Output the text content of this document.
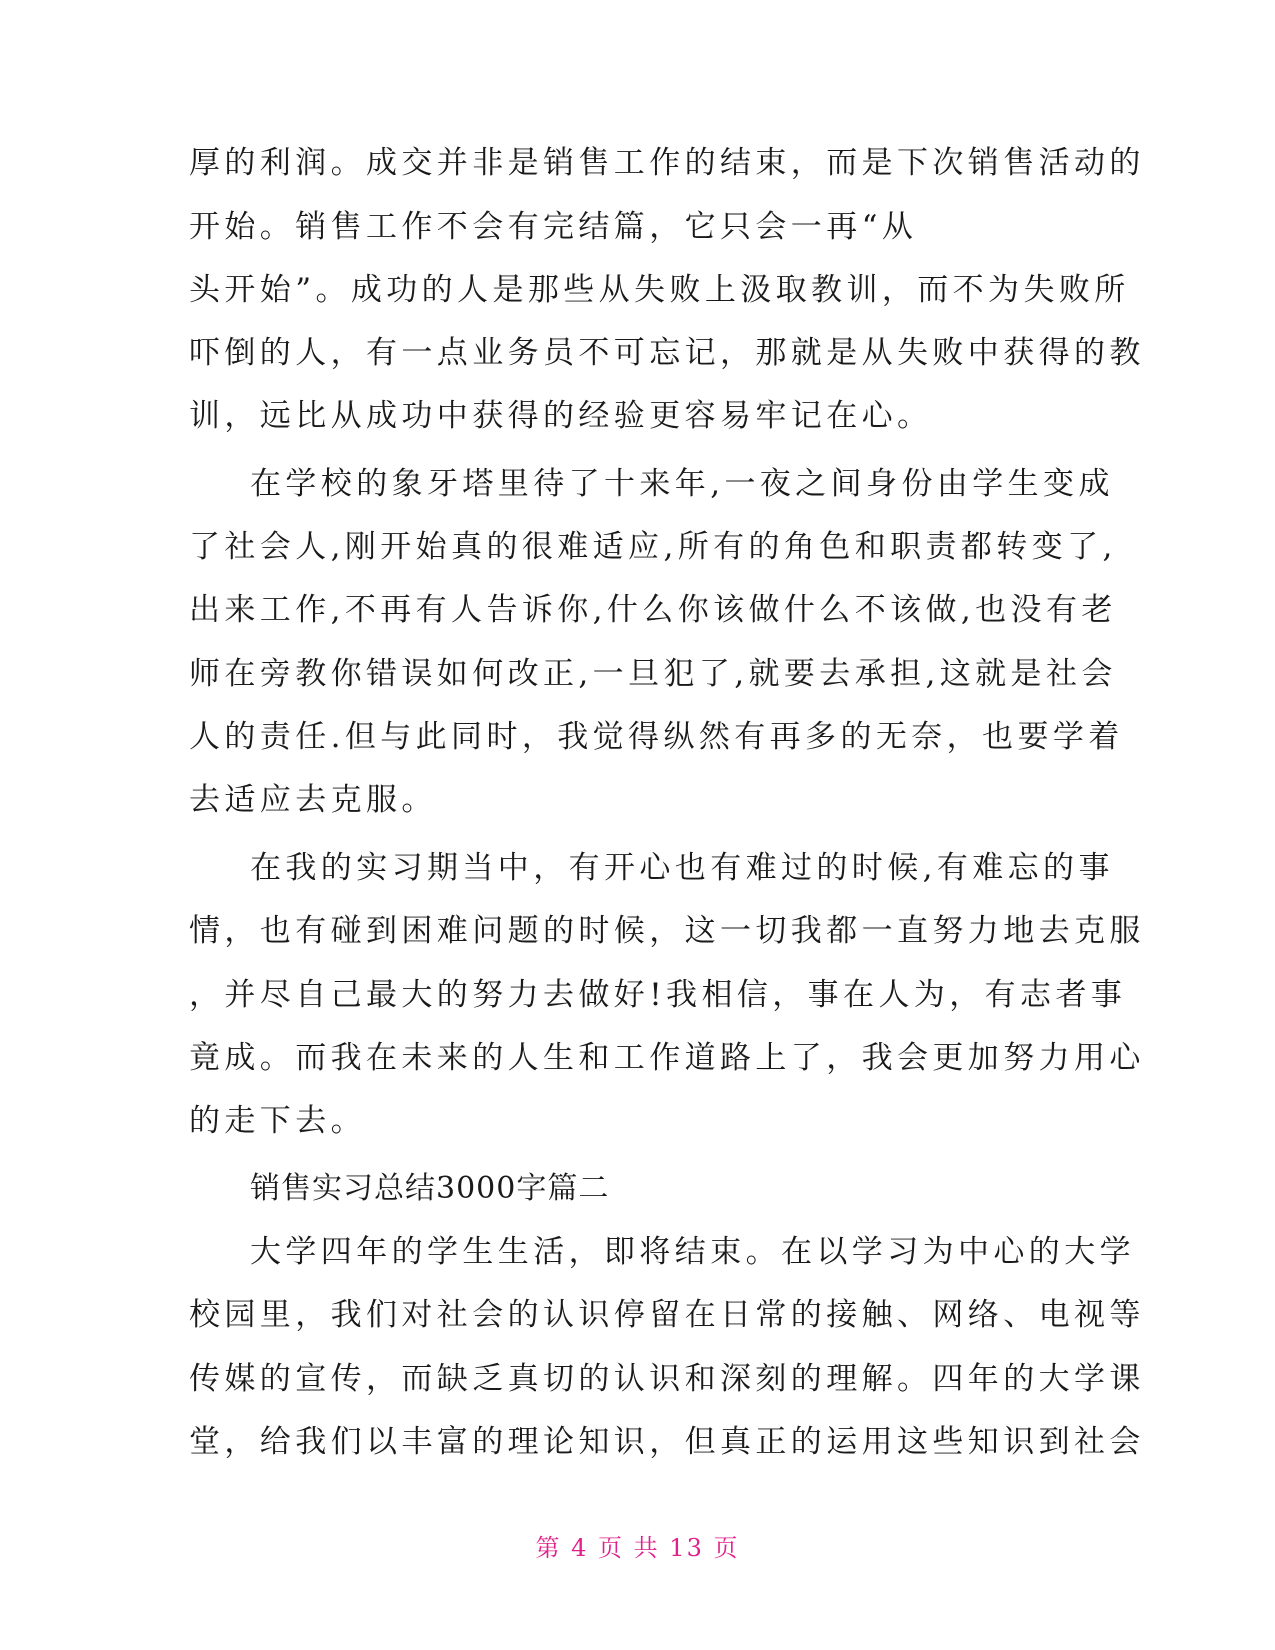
厚的利润。成交并非是销售工作的结束，而是下次销售活动的
开始。销售工作不会有完结篇，它只会一再“从
头开始”。成功的人是那些从失败上汲取教训，而不为失败所
吓倒的人，有一点业务员不可忘记，那就是从失败中获得的教
训，远比从成功中获得的经验更容易牢记在心。
在学校的象牙塔里待了十来年,一夜之间身份由学生变成
了社会人,刚开始真的很难适应,所有的角色和职责都转变了,
出来工作,不再有人告诉你,什么你该做什么不该做,也没有老
师在旁教你错误如何改正,一旦犯了,就要去承担,这就是社会
人的责任.但与此同时，我觉得纵然有再多的无奈，也要学着
去适应去克服。
在我的实习期当中，有开心也有难过的时候,有难忘的事
情，也有碰到困难问题的时候，这一切我都一直努力地去克服
，并尽自己最大的努力去做好!我相信，事在人为，有志者事
竟成。而我在未来的人生和工作道路上了，我会更加努力用心
的走下去。
销售实习总结3000字篇二
大学四年的学生生活，即将结束。在以学习为中心的大学
校园里，我们对社会的认识停留在日常的接触、网络、电视等
传媒的宣传，而缺乏真切的认识和深刻的理解。四年的大学课
堂，给我们以丰富的理论知识，但真正的运用这些知识到社会
第 4 页 共 13 页
